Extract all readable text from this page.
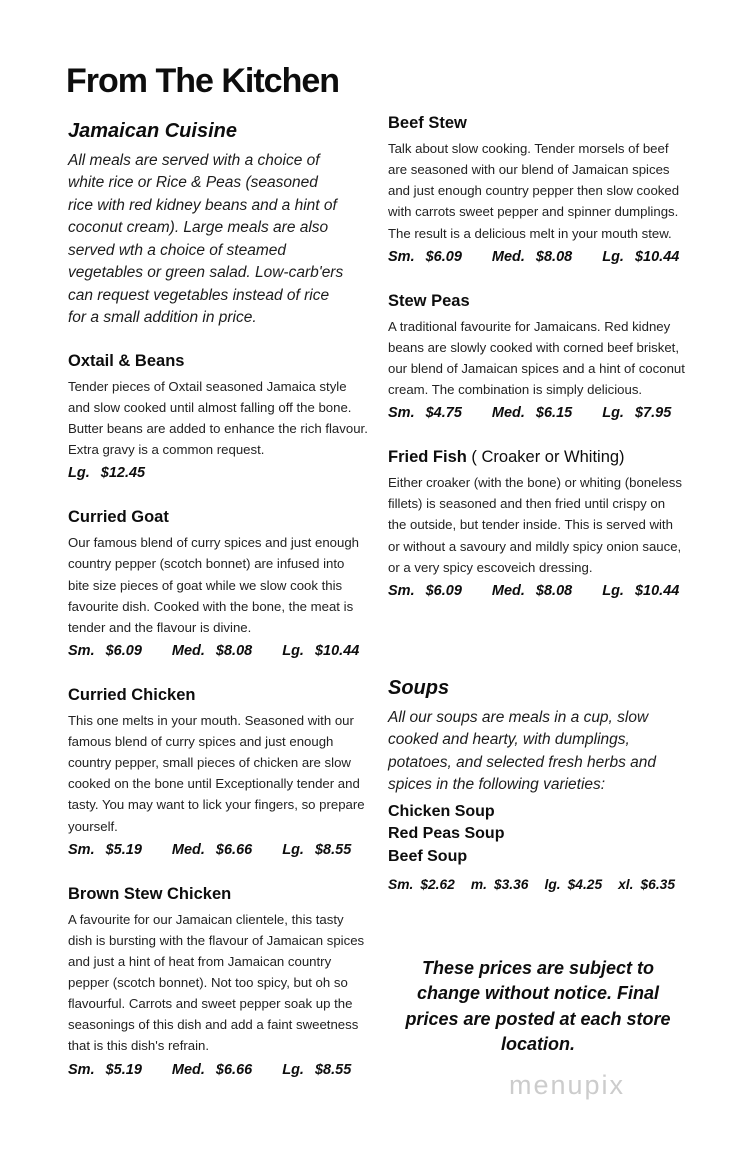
From The Kitchen
Jamaican Cuisine

All meals are served with a choice of white rice or Rice & Peas (seasoned rice with red kidney beans and a hint of coconut cream). Large meals are also served wth a choice of steamed vegetables or green salad. Low-carb'ers can request vegetables instead of rice for a small addition in price.

Oxtail & Beans

Tender pieces of Oxtail seasoned Jamaica style and slow cooked until almost falling off the bone. Butter beans are added to enhance the rich flavour. Extra gravy is a common request.

Lg. $12.45
Curried Goat

Our famous blend of curry spices and just enough country pepper (scotch bonnet) are infused into bite size pieces of goat while we slow cook this favourite dish. Cooked with the bone, the meat is tender and the flavour is divine.

Sm. $6.09 Med. $8.08 Lg. $10.44
Curried Chicken

This one melts in your mouth. Seasoned with our famous blend of curry spices and just enough country pepper, small pieces of chicken are slow cooked on the bone until Exceptionally tender and tasty. You may want to lick your fingers, so prepare yourself.

Sm. $5.19 Med. $6.66 Lg. $8.55
Brown Stew Chicken

A favourite for our Jamaican clientele, this tasty dish is bursting with the flavour of Jamaican spices and just a hint of heat from Jamaican country pepper (scotch bonnet). Not too spicy, but oh so flavourful. Carrots and sweet pepper soak up the seasonings of this dish and add a faint sweetness that is this dish's refrain.

Sm. $5.19 Med. $6.66 Lg. $8.55
Beef Stew

Talk about slow cooking. Tender morsels of beef are seasoned with our blend of Jamaican spices and just enough country pepper then slow cooked with carrots sweet pepper and spinner dumplings. The result is a delicious melt in your mouth stew.

Sm. $6.09 Med. $8.08 Lg. $10.44
Stew Peas

A traditional favourite for Jamaicans. Red kidney beans are slowly cooked with corned beef brisket, our blend of Jamaican spices and a hint of coconut cream. The combination is simply delicious.

Sm. $4.75 Med. $6.15 Lg. $7.95
Fried Fish ( Croaker or Whiting)

Either croaker (with the bone) or whiting (boneless fillets) is seasoned and then fried until crispy on the outside, but tender inside. This is served with or without a savoury and mildly spicy onion sauce, or a very spicy escoveich dressing.

Sm. $6.09 Med. $8.08 Lg. $10.44
Soups

All our soups are meals in a cup, slow cooked and hearty, with dumplings, potatoes, and selected fresh herbs and spices in the following varieties:

Chicken Soup
Red Peas Soup
Beef Soup
Sm. $2.62 m. $3.36 lg. $4.25 xl. $6.35
These prices are subject to change without notice. Final prices are posted at each store location.
menupix
